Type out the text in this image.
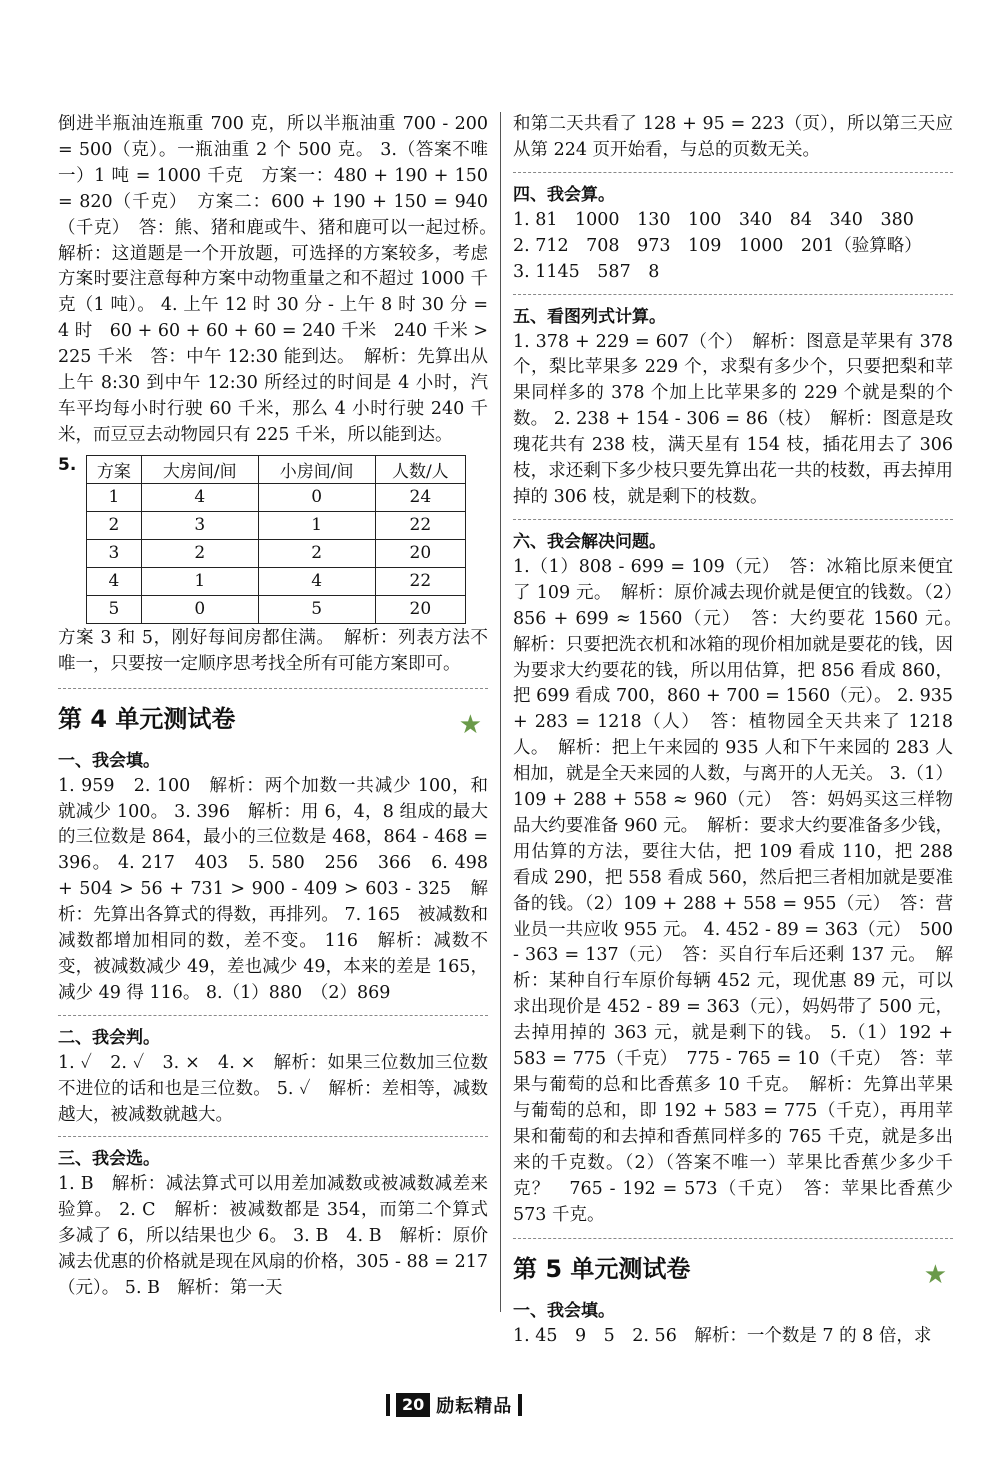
倒进半瓶油连瓶重 700 克，所以半瓶油重 700 - 200 = 500（克）。一瓶油重 2 个 500 克。 3.（答案不唯一）1 吨 = 1000 千克　方案一：480 + 190 + 150 = 820（千克）　方案二：600 + 190 + 150 = 940（千克）　答：熊、猪和鹿或牛、猪和鹿可以一起过桥。　解析：这道题是一个开放题，可选择的方案较多，考虑方案时要注意每种方案中动物重量之和不超过 1000 千克（1 吨）。 4. 上午 12 时 30 分 - 上午 8 时 30 分 = 4 时　60 + 60 + 60 + 60 = 240 千米　240 千米 > 225 千米　答：中午 12:30 能到达。　解析：先算出从上午 8:30 到中午 12:30 所经过的时间是 4 小时，汽车平均每小时行驶 60 千米，那么 4 小时行驶 240 千米，而豆豆去动物园只有 225 千米，所以能到达。

5.	方案	大房间/间	小房间/间	人数/人
1	4	0	24
2	3	1	22
3	2	2	20
4	1	4	22
5	0	5	20

方案 3 和 5，刚好每间房都住满。　解析：列表方法不唯一，只要按一定顺序思考找全所有可能方案即可。

第 4 单元测试卷	★
一、我会填。

1. 959　2. 100　解析：两个加数一共减少 100，和就减少 100。 3. 396　解析：用 6，4，8 组成的最大的三位数是 864，最小的三位数是 468，864 - 468 = 396。 4. 217　403　5. 580　256　366　6. 498 + 504 > 56 + 731 > 900 - 409 > 603 - 325　解析：先算出各算式的得数，再排列。 7. 165　被减数和减数都增加相同的数，差不变。 116　解析：减数不变，被减数减少 49，差也减少 49，本来的差是 165，减少 49 得 116。 8.（1）880　（2）869

二、我会判。

1. ✓　2. ✓　3. ×　4. ×　解析：如果三位数加三位数不进位的话和也是三位数。 5. ✓　解析：差相等，减数越大，被减数就越大。

三、我会选。

1. B　解析：减法算式可以用差加减数或被减数减差来验算。 2. C　解析：被减数都是 354，而第二个算式多减了 6，所以结果也少 6。 3. B　4. B　解析：原价减去优惠的价格就是现在风扇的价格，305 - 88 = 217（元）。 5. B　解析：第一天

和第二天共看了 128 + 95 = 223（页），所以第三天应从第 224 页开始看，与总的页数无关。

四、我会算。

1. 81　1000　130　100　340　84　340　380

2. 712　708　973　109　1000　201（验算略）

3. 1145　587　8

五、看图列式计算。

1. 378 + 229 = 607（个）　解析：图意是苹果有 378 个，梨比苹果多 229 个，求梨有多少个，只要把梨和苹果同样多的 378 个加上比苹果多的 229 个就是梨的个数。 2. 238 + 154 - 306 = 86（枝）　解析：图意是玫瑰花共有 238 枝，满天星有 154 枝，插花用去了 306 枝，求还剩下多少枝只要先算出花一共的枝数，再去掉用掉的 306 枝，就是剩下的枝数。

六、我会解决问题。

1.（1）808 - 699 = 109（元）　答：冰箱比原来便宜了 109 元。　解析：原价减去现价就是便宜的钱数。（2）856 + 699 ≈ 1560（元）　答：大约要花 1560 元。　解析：只要把洗衣机和冰箱的现价相加就是要花的钱，因为要求大约要花的钱，所以用估算，把 856 看成 860，把 699 看成 700，860 + 700 = 1560（元）。 2. 935 + 283 = 1218（人）　答：植物园全天共来了 1218 人。　解析：把上午来园的 935 人和下午来园的 283 人相加，就是全天来园的人数，与离开的人无关。 3.（1）109 + 288 + 558 ≈ 960（元）　答：妈妈买这三样物品大约要准备 960 元。　解析：要求大约要准备多少钱，用估算的方法，要往大估，把 109 看成 110，把 288 看成 290，把 558 看成 560，然后把三者相加就是要准备的钱。（2）109 + 288 + 558 = 955（元）　答：营业员一共应收 955 元。 4. 452 - 89 = 363（元）　500 - 363 = 137（元）　答：买自行车后还剩 137 元。　解析：某种自行车原价每辆 452 元，现优惠 89 元，可以求出现价是 452 - 89 = 363（元），妈妈带了 500 元，去掉用掉的 363 元，就是剩下的钱。 5.（1）192 + 583 = 775（千克）　775 - 765 = 10（千克）　答：苹果与葡萄的总和比香蕉多 10 千克。　解析：先算出苹果与葡萄的总和，即 192 + 583 = 775（千克），再用苹果和葡萄的和去掉和香蕉同样多的 765 千克，就是多出来的千克数。（2）（答案不唯一）苹果比香蕉少多少千克？　765 - 192 = 573（千克）　答：苹果比香蕉少 573 千克。

第 5 单元测试卷	★
一、我会填。

1. 45　9　5　2. 56　解析：一个数是 7 的 8 倍，求

20 励耘精品
